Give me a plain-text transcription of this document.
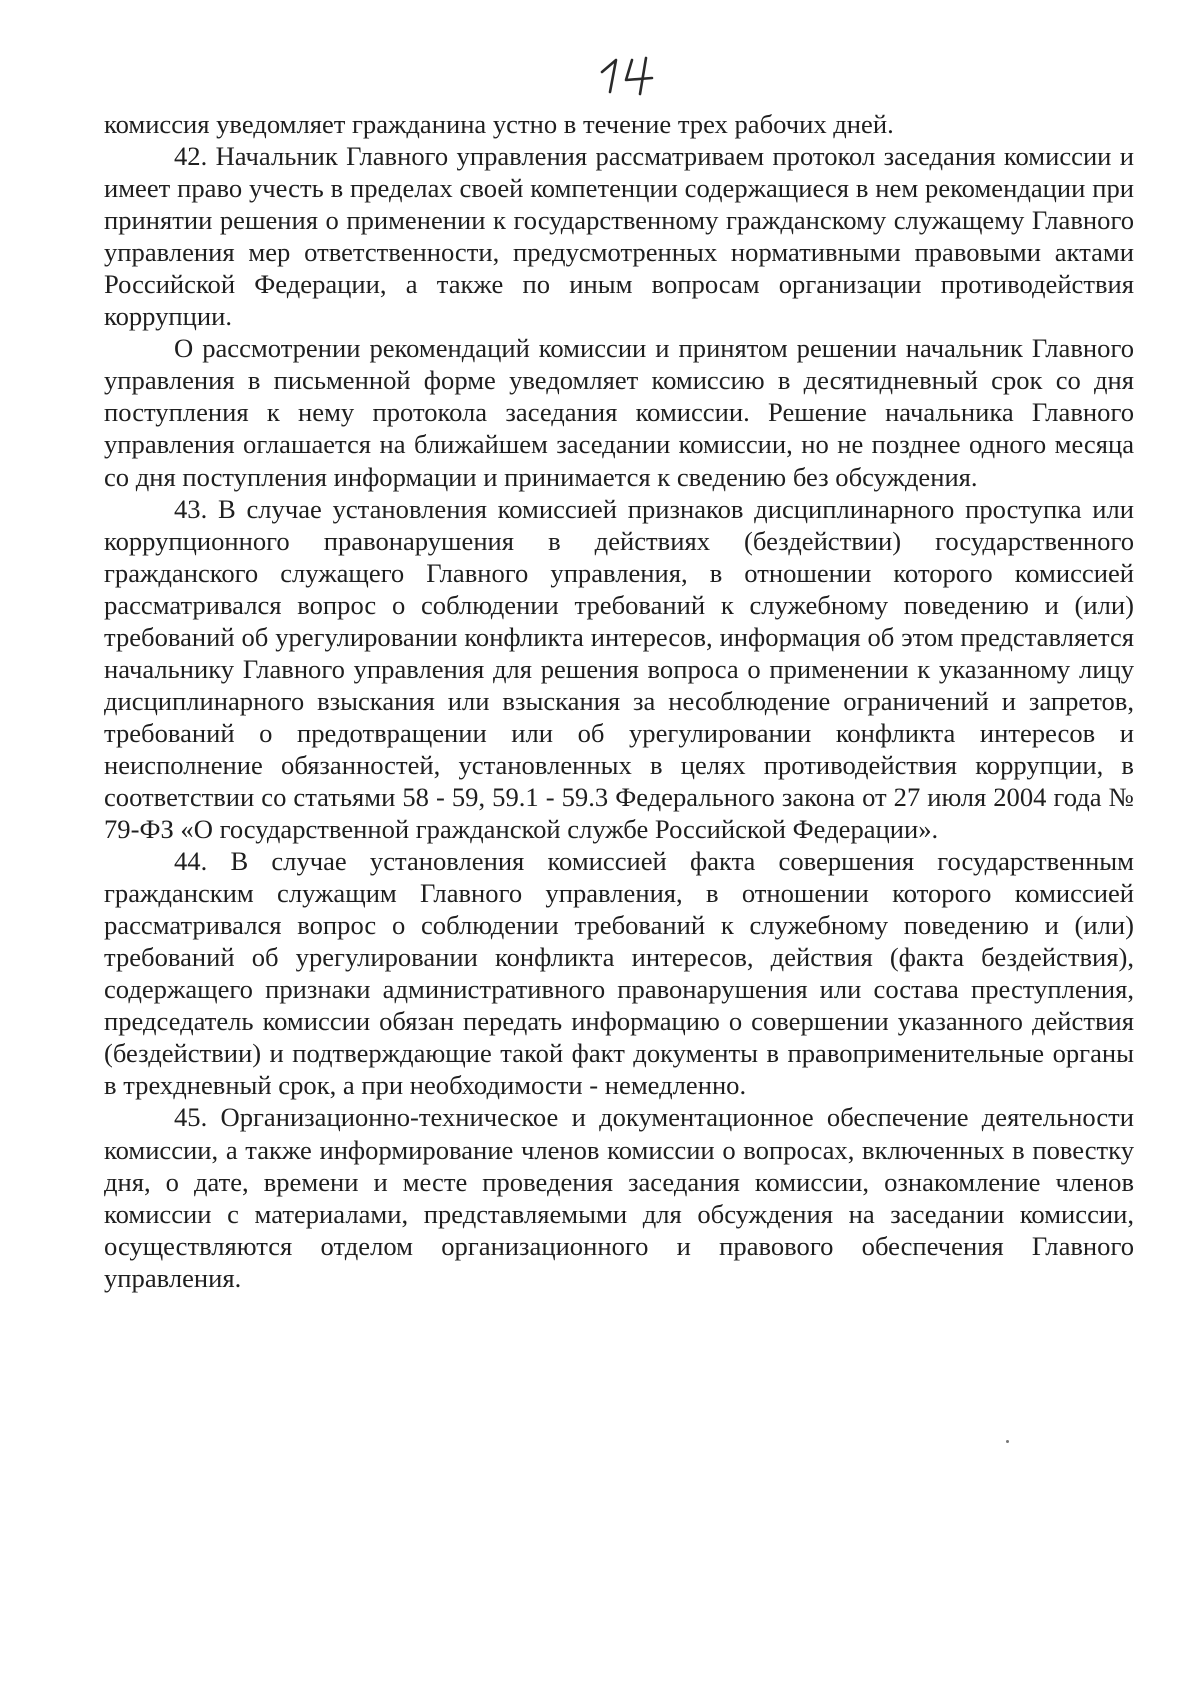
комиссия уведомляет гражданина устно в течение трех рабочих дней.

42. Начальник Главного управления рассматриваем протокол заседания комиссии и имеет право учесть в пределах своей компетенции содержащиеся в нем рекомендации при принятии решения о применении к государственному гражданскому служащему Главного управления мер ответственности, предусмотренных нормативными правовыми актами Российской Федерации, а также по иным вопросам организации противодействия коррупции.

О рассмотрении рекомендаций комиссии и принятом решении начальник Главного управления в письменной форме уведомляет комиссию в десятидневный срок со дня поступления к нему протокола заседания комиссии. Решение начальника Главного управления оглашается на ближайшем заседании комиссии, но не позднее одного месяца со дня поступления информации и принимается к сведению без обсуждения.

43. В случае установления комиссией признаков дисциплинарного проступка или коррупционного правонарушения в действиях (бездействии) государственного гражданского служащего Главного управления, в отношении которого комиссией рассматривался вопрос о соблюдении требований к служебному поведению и (или) требований об урегулировании конфликта интересов, информация об этом представляется начальнику Главного управления для решения вопроса о применении к указанному лицу дисциплинарного взыскания или взыскания за несоблюдение ограничений и запретов, требований о предотвращении или об урегулировании конфликта интересов и неисполнение обязанностей, установленных в целях противодействия коррупции, в соответствии со статьями 58 - 59, 59.1 - 59.3 Федерального закона от 27 июля 2004 года № 79-ФЗ «О государственной гражданской службе Российской Федерации».

44. В случае установления комиссией факта совершения государственным гражданским служащим Главного управления, в отношении которого комиссией рассматривался вопрос о соблюдении требований к служебному поведению и (или) требований об урегулировании конфликта интересов, действия (факта бездействия), содержащего признаки административного правонарушения или состава преступления, председатель комиссии обязан передать информацию о совершении указанного действия (бездействии) и подтверждающие такой факт документы в правоприменительные органы в трехдневный срок, а при необходимости - немедленно.

45. Организационно-техническое и документационное обеспечение деятельности комиссии, а также информирование членов комиссии о вопросах, включенных в повестку дня, о дате, времени и месте проведения заседания комиссии, ознакомление членов комиссии с материалами, представляемыми для обсуждения на заседании комиссии, осуществляются отделом организационного и правового обеспечения Главного управления.
